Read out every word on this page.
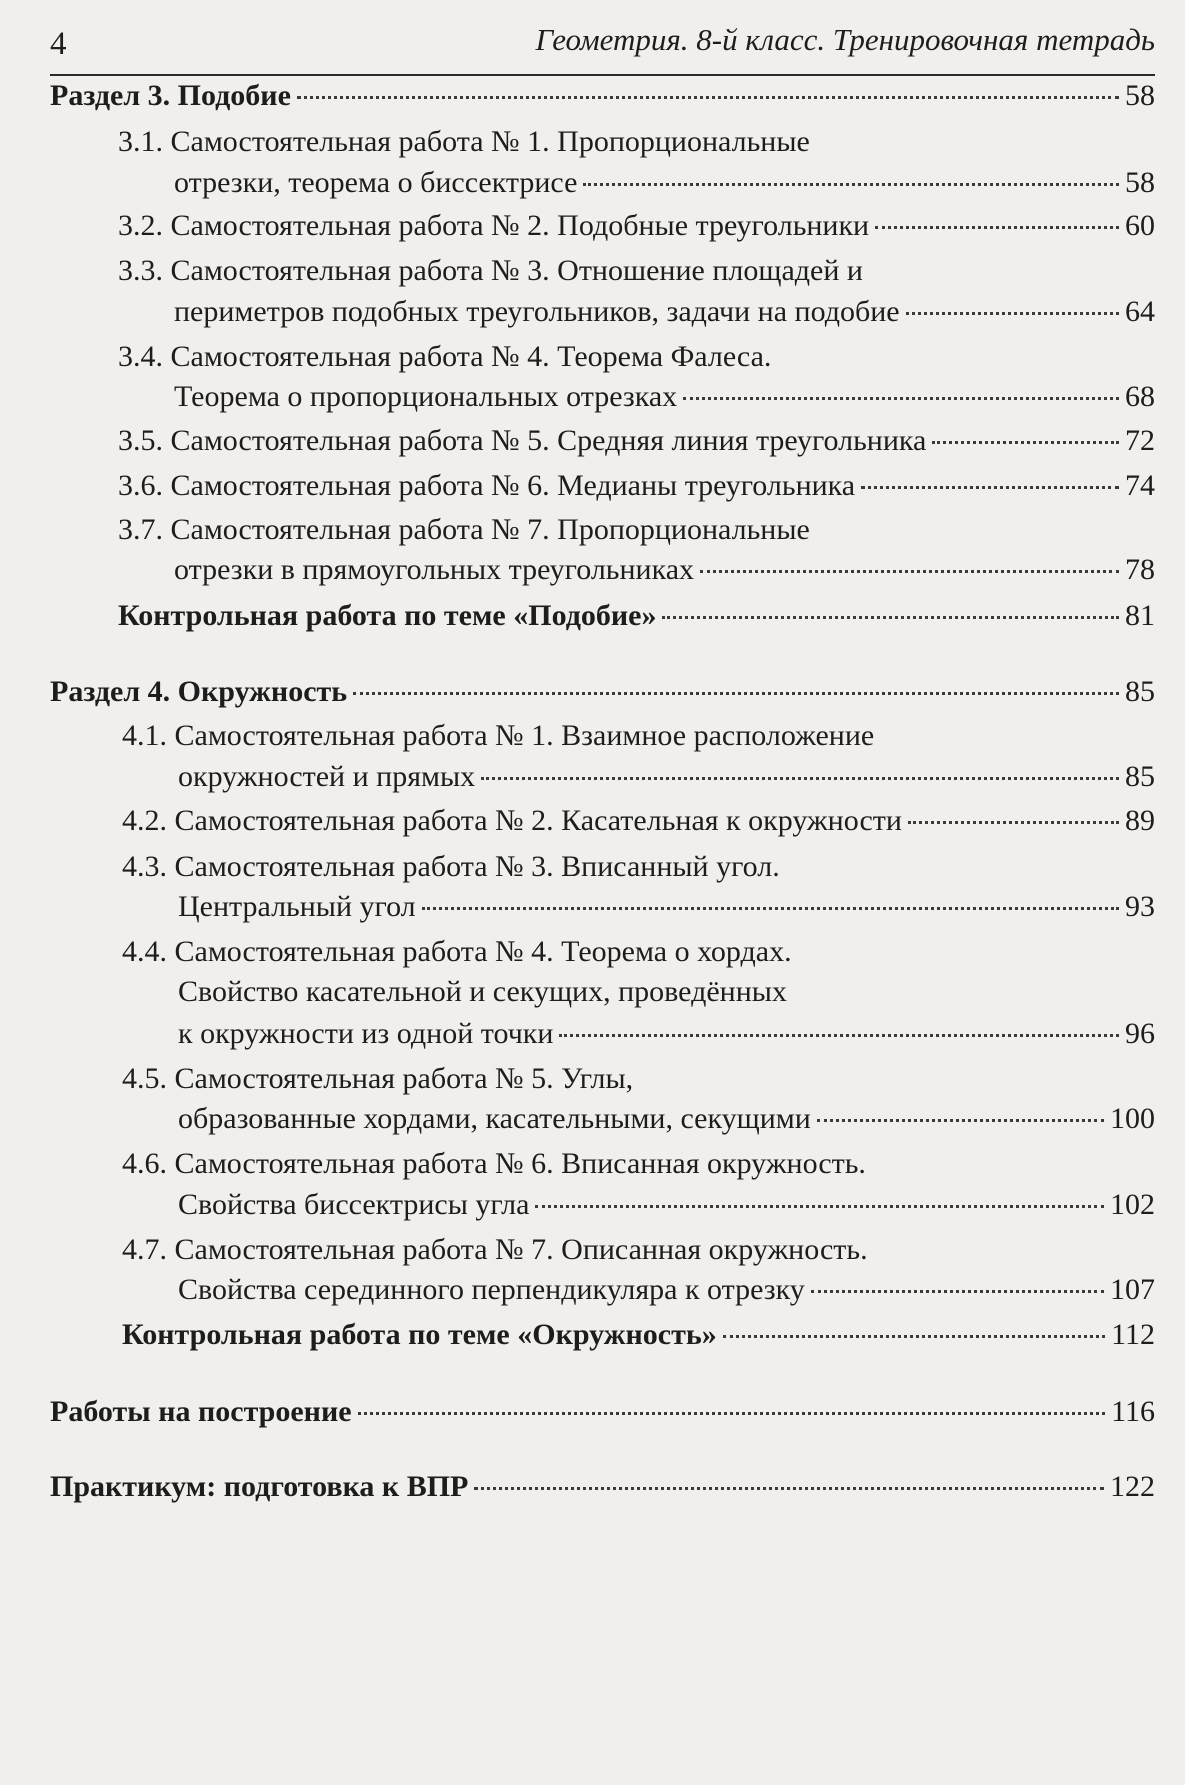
4	Геометрия. 8-й класс. Тренировочная тетрадь
Раздел 3. Подобие	58
3.1. Самостоятельная работа № 1. Пропорциональные
отрезки, теорема о биссектрисе	58
3.2. Самостоятельная работа № 2. Подобные треугольники	60
3.3. Самостоятельная работа № 3. Отношение площадей и
периметров подобных треугольников, задачи на подобие	64
3.4. Самостоятельная работа № 4. Теорема Фалеса.
Теорема о пропорциональных отрезках	68
3.5. Самостоятельная работа № 5. Средняя линия треугольника	72
3.6. Самостоятельная работа № 6. Медианы треугольника	74
3.7. Самостоятельная работа № 7. Пропорциональные
отрезки в прямоугольных треугольниках	78
Контрольная работа по теме «Подобие»	81
Раздел 4. Окружность	85
4.1. Самостоятельная работа № 1. Взаимное расположение
окружностей и прямых	85
4.2. Самостоятельная работа № 2. Касательная к окружности	89
4.3. Самостоятельная работа № 3. Вписанный угол.
Центральный угол	93
4.4. Самостоятельная работа № 4. Теорема о хордах.
Свойство касательной и секущих, проведённых
к окружности из одной точки	96
4.5. Самостоятельная работа № 5. Углы,
образованные хордами, касательными, секущими	100
4.6. Самостоятельная работа № 6. Вписанная окружность.
Свойства биссектрисы угла	102
4.7. Самостоятельная работа № 7. Описанная окружность.
Свойства серединного перпендикуляра к отрезку	107
Контрольная работа по теме «Окружность»	112
Работы на построение	116
Практикум: подготовка к ВПР	122
